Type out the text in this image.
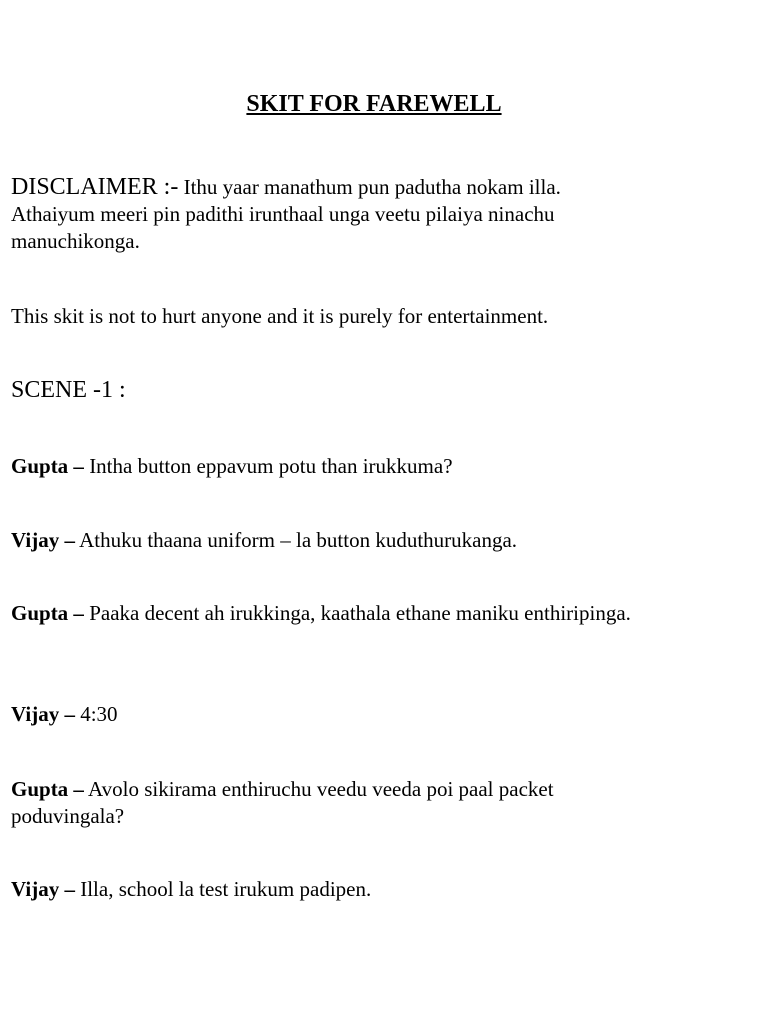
SKIT FOR FAREWELL

DISCLAIMER :- Ithu yaar manathum pun padutha nokam illa. Athaiyum meeri pin padithi irunthaal unga veetu pilaiya ninachu manuchikonga.

This skit is not to hurt anyone and it is purely for entertainment.

SCENE -1 :

Gupta – Intha button eppavum potu than irukkuma?

Vijay – Athuku thaana uniform – la button kuduthurukanga.

Gupta – Paaka decent ah irukkinga, kaathala ethane maniku enthiripinga.

Vijay – 4:30

Gupta – Avolo sikirama enthiruchu veedu veeda poi paal packet poduvingala?

Vijay – Illa, school la test irukum padipen.
